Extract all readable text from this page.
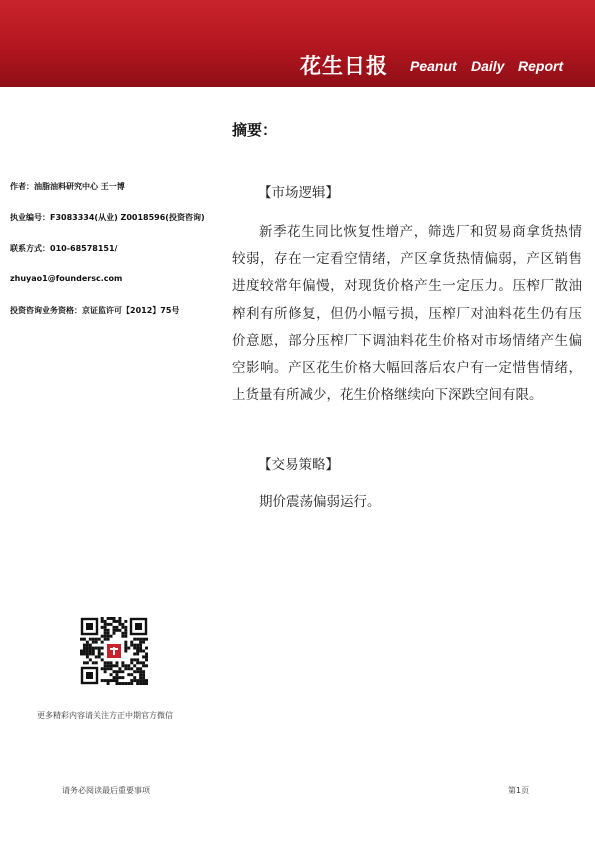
花生日报 Peanut Daily Report
摘要：
作者：油脂油料研究中心 王一博
执业编号：F3083334(从业) Z0018596(投资咨询)
联系方式：010-68578151/
zhuyao1@foundersc.com
投资咨询业务资格：京证监许可【2012】75号
【市场逻辑】
新季花生同比恢复性增产，筛选厂和贸易商拿货热情较弱，存在一定看空情绪，产区拿货热情偏弱，产区销售进度较常年偏慢，对现货价格产生一定压力。压榨厂散油榨利有所修复，但仍小幅亏损，压榨厂对油料花生仍有压价意愿，部分压榨厂下调油料花生价格对市场情绪产生偏空影响。产区花生价格大幅回落后农户有一定惜售情绪，上货量有所减少，花生价格继续向下深跌空间有限。
【交易策略】
期价震荡偏弱运行。
更多精彩内容请关注方正中期官方微信
请务必阅读最后重要事项	第1页
